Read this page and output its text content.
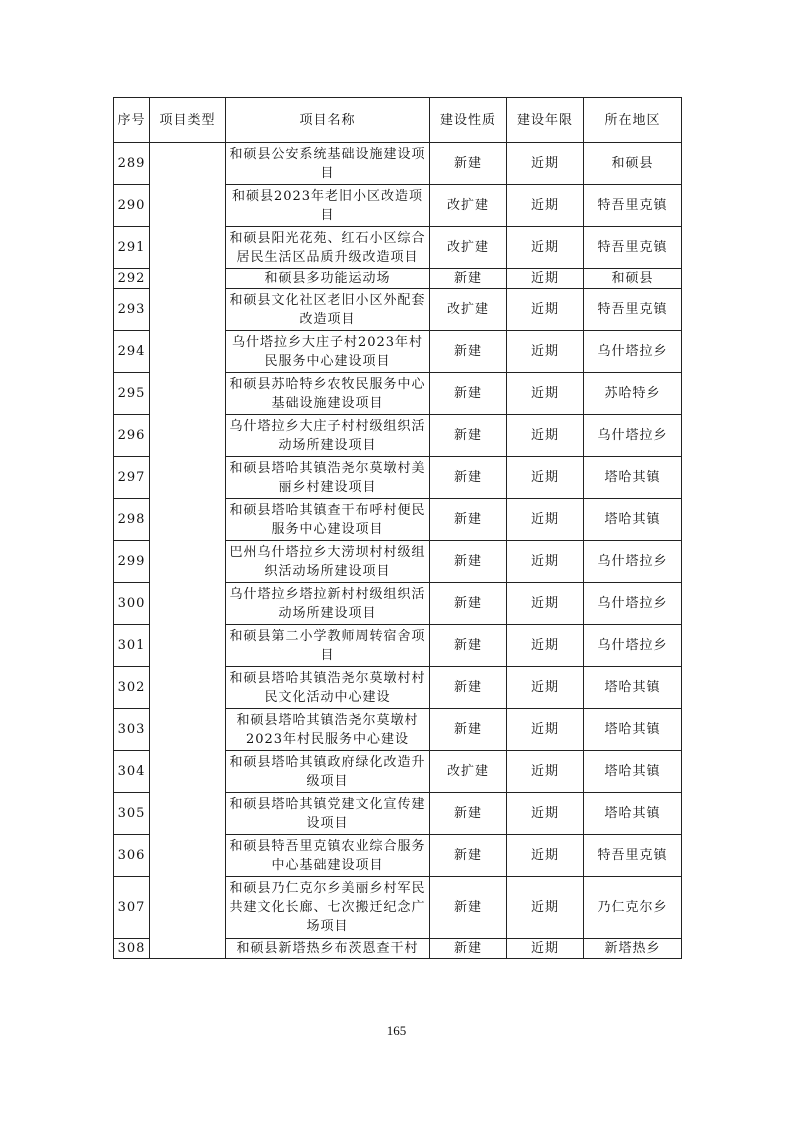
序号	项目类型	项目名称	建设性质	建设年限	所在地区
289		和硕县公安系统基础设施建设项目	新建	近期	和硕县
290		和硕县2023年老旧小区改造项目	改扩建	近期	特吾里克镇
291		和硕县阳光花苑、红石小区综合居民生活区品质升级改造项目	改扩建	近期	特吾里克镇
292		和硕县多功能运动场	新建	近期	和硕县
293		和硕县文化社区老旧小区外配套改造项目	改扩建	近期	特吾里克镇
294		乌什塔拉乡大庄子村2023年村民服务中心建设项目	新建	近期	乌什塔拉乡
295		和硕县苏哈特乡农牧民服务中心基础设施建设项目	新建	近期	苏哈特乡
296		乌什塔拉乡大庄子村村级组织活动场所建设项目	新建	近期	乌什塔拉乡
297		和硕县塔哈其镇浩尧尔莫墩村美丽乡村建设项目	新建	近期	塔哈其镇
298		和硕县塔哈其镇查干布呼村便民服务中心建设项目	新建	近期	塔哈其镇
299		巴州乌什塔拉乡大涝坝村村级组织活动场所建设项目	新建	近期	乌什塔拉乡
300		乌什塔拉乡塔拉新村村级组织活动场所建设项目	新建	近期	乌什塔拉乡
301		和硕县第二小学教师周转宿舍项目	新建	近期	乌什塔拉乡
302		和硕县塔哈其镇浩尧尔莫墩村村民文化活动中心建设	新建	近期	塔哈其镇
303		和硕县塔哈其镇浩尧尔莫墩村2023年村民服务中心建设	新建	近期	塔哈其镇
304		和硕县塔哈其镇政府绿化改造升级项目	改扩建	近期	塔哈其镇
305		和硕县塔哈其镇党建文化宣传建设项目	新建	近期	塔哈其镇
306		和硕县特吾里克镇农业综合服务中心基础建设项目	新建	近期	特吾里克镇
307		和硕县乃仁克尔乡美丽乡村军民共建文化长廊、七次搬迁纪念广场项目	新建	近期	乃仁克尔乡
308		和硕县新塔热乡布茨恩查干村	新建	近期	新塔热乡
165
